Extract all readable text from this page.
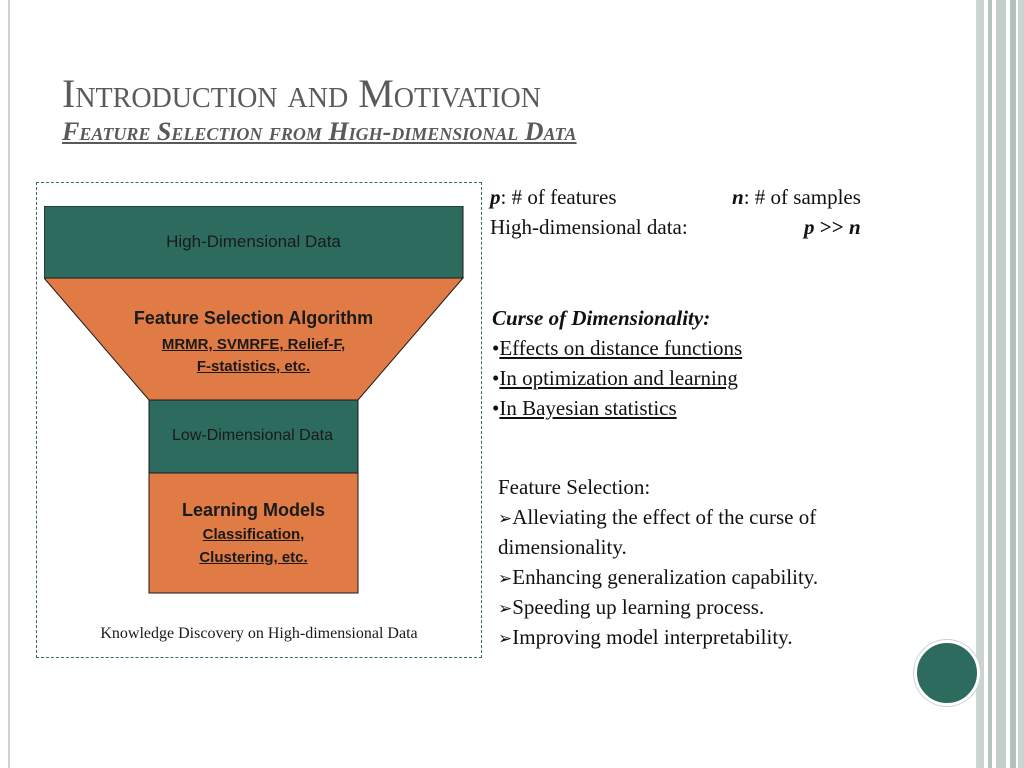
Introduction and Motivation
Feature Selection from High-dimensional Data
High-Dimensional Data
Feature Selection Algorithm
MRMR, SVMRFE, Relief-F,
F-statistics, etc.
Low-Dimensional Data
Learning Models
Classification,
Clustering, etc.
Knowledge Discovery on High-dimensional Data
p: # of features	n: # of samples
High-dimensional data:	p >> n
Curse of Dimensionality:
•Effects on distance functions
•In optimization and learning
•In Bayesian statistics
Feature Selection:
➢Alleviating the effect of the curse of
dimensionality.
➢Enhancing generalization capability.
➢Speeding up learning process.
➢Improving model interpretability.
